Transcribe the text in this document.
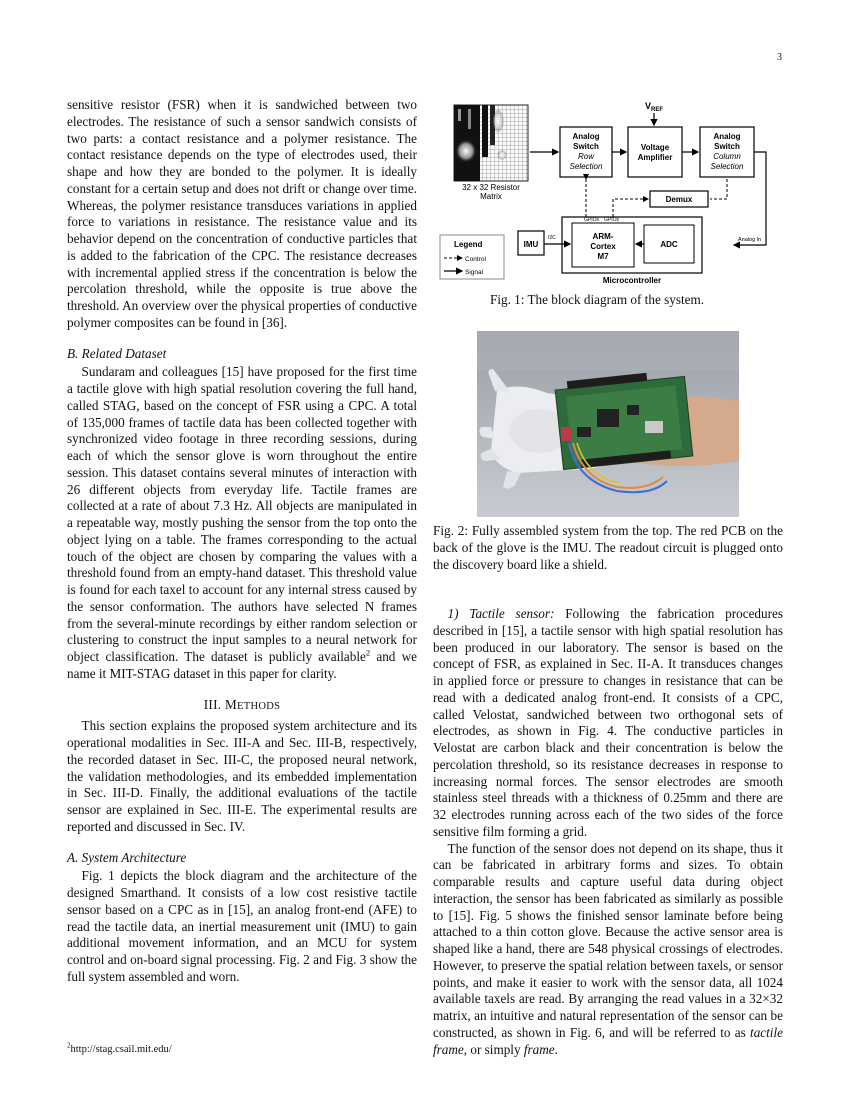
3

sensitive resistor (FSR) when it is sandwiched between two electrodes. The resistance of such a sensor sandwich consists of two parts: a contact resistance and a polymer resistance. The contact resistance depends on the type of electrodes used, their shape and how they are bonded to the polymer. It is ideally constant for a certain setup and does not drift or change over time. Whereas, the polymer resistance transduces variations in applied force to variations in resistance. The resistance value and its behavior depend on the concentration of conductive particles that is added to the fabrication of the CPC. The resistance decreases with incremental applied stress if the concentration is below the percolation threshold, while the opposite is true above the threshold. An overview over the physical properties of conductive polymer composites can be found in [36].

B. Related Dataset

Sundaram and colleagues [15] have proposed for the first time a tactile glove with high spatial resolution covering the full hand, called STAG, based on the concept of FSR using a CPC. A total of 135,000 frames of tactile data has been collected together with synchronized video footage in three recording sessions, during each of which the sensor glove is worn throughout the entire session. This dataset contains several minutes of interaction with 26 different objects from everyday life. Tactile frames are collected at a rate of about 7.3 Hz. All objects are manipulated in a repeatable way, mostly pushing the sensor from the top onto the object lying on a table. The frames corresponding to the actual touch of the object are chosen by comparing the values with a threshold found from an empty-hand dataset. This threshold value is found for each taxel to account for any internal stress caused by the sensor conformation. The authors have selected N frames from the several-minute recordings by either random selection or clustering to construct the input samples to a neural network for object classification. The dataset is publicly available$^2$ and we name it MIT-STAG dataset in this paper for clarity.

III. METHODS

This section explains the proposed system architecture and its operational modalities in Sec. III-A and Sec. III-B, respectively, the recorded dataset in Sec. III-C, the proposed neural network, the validation methodologies, and its embedded implementation in Sec. III-D. Finally, the additional evaluations of the tactile sensor are explained in Sec. III-E. The experimental results are reported and discussed in Sec. IV.

A. System Architecture

Fig. 1 depicts the block diagram and the architecture of the designed Smarthand. It consists of a low cost resistive tactile sensor based on a CPC as in [15], an analog front-end (AFE) to read the tactile data, an inertial measurement unit (IMU) to gain additional movement information, and an MCU for system control and on-board signal processing. Fig. 2 and Fig. 3 show the full system assembled and worn.

$^2$http://stag.csail.mit.edu/
32 x 32 Resistor
Matrix
$V_{REF}$
Analog
Switch
Row
Selection
Voltage
Amplifier
Analog
Switch
Column
Selection
Analog In
Demux
Microcontroller
GPIOs GPIOs
ARM-
Cortex
M7
ADC
IMU
I2C
Legend
Control
Signal
Fig. 1: The block diagram of the system.
Fig. 2: Fully assembled system from the top. The red PCB on the back of the glove is the IMU. The readout circuit is plugged onto the discovery board like a shield.

1) Tactile sensor: Following the fabrication procedures described in [15], a tactile sensor with high spatial resolution has been produced in our laboratory. The sensor is based on the concept of FSR, as explained in Sec. II-A. It transduces changes in applied force or pressure to changes in resistance that can be read with a dedicated analog front-end. It consists of a CPC, called Velostat, sandwiched between two orthogonal sets of electrodes, as shown in Fig. 4. The conductive particles in Velostat are carbon black and their concentration is below the percolation threshold, so its resistance decreases in response to increasing normal forces. The sensor electrodes are smooth stainless steel threads with a thickness of 0.25mm and there are 32 electrodes running across each of the two sides of the force sensitive film forming a grid.

The function of the sensor does not depend on its shape, thus it can be fabricated in arbitrary forms and sizes. To obtain comparable results and capture useful data during object interaction, the sensor has been fabricated as similarly as possible to [15]. Fig. 5 shows the finished sensor laminate before being attached to a thin cotton glove. Because the active sensor area is shaped like a hand, there are 548 physical crossings of electrodes. However, to preserve the spatial relation between taxels, or sensor points, and make it easier to work with the sensor data, all 1024 available taxels are read. By arranging the read values in a 32×32 matrix, an intuitive and natural representation of the sensor can be constructed, as shown in Fig. 6, and will be referred to as tactile frame, or simply frame.
